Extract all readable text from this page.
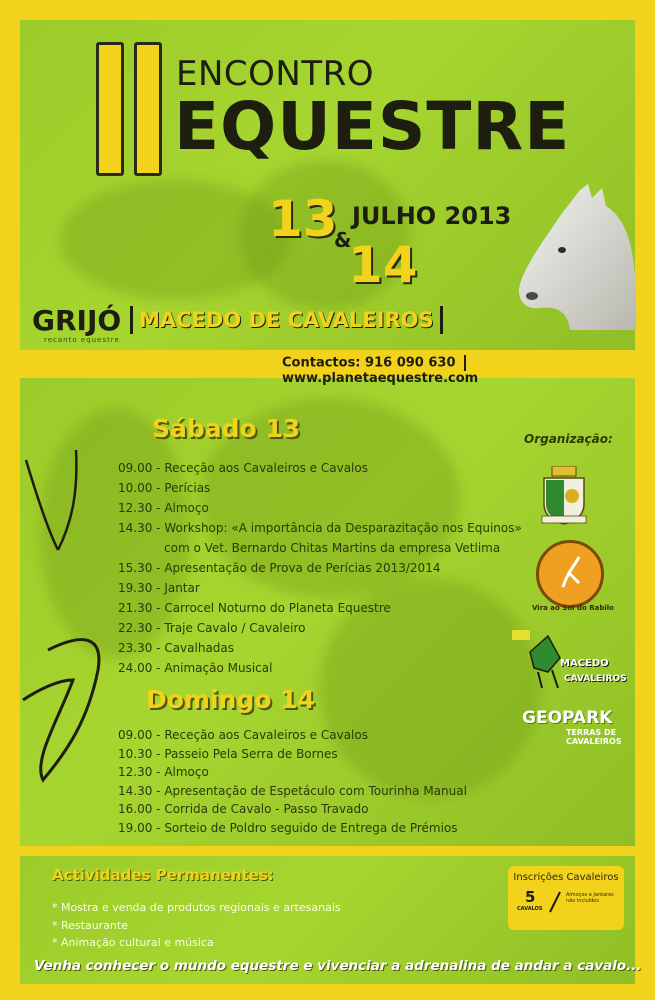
ENCONTRO
EQUESTRE
13
&
14
JULHO 2013
GRIJÓ
recanto equestre
MACEDO DE CAVALEIROS
Contactos: 916 090 630www.planetaequestre.com
Sábado 13
09.00 - Receção aos Cavaleiros e Cavalos
10.00 - Perícias
12.30 - Almoço
14.30 - Workshop: «A importância da Desparazitação nos Equinos»
com o Vet. Bernardo Chitas Martins da empresa Vetlima
15.30 - Apresentação de Prova de Perícias 2013/2014
19.30 - Jantar
21.30 - Carrocel Noturno do Planeta Equestre
22.30 - Traje Cavalo / Cavaleiro
23.30 - Cavalhadas
24.00 - Animação Musical
Domingo 14
09.00 - Receção aos Cavaleiros e Cavalos
10.30 - Passeio Pela Serra de Bornes
12.30 - Almoço
14.30 - Apresentação de Espetáculo com Tourinha Manual
16.00 - Corrida de Cavalo - Passo Travado
19.00 - Sorteio de Poldro seguido de Entrega de Prémios
Organização:
Vira ao Sol do Rabilo
MACEDO
CAVALEIROS
GEOPARK
TERRAS DE
CAVALEIROS
Actividades Permanentes:
* Mostra e venda de produtos regionais e artesanais
* Restaurante
* Animação cultural e música
Venha conhecer o mundo equestre e vivenciar a adrenalina de andar a cavalo...
Inscrições Cavaleiros
5
CAVALOS
Almoços e Jantares não incluídos
